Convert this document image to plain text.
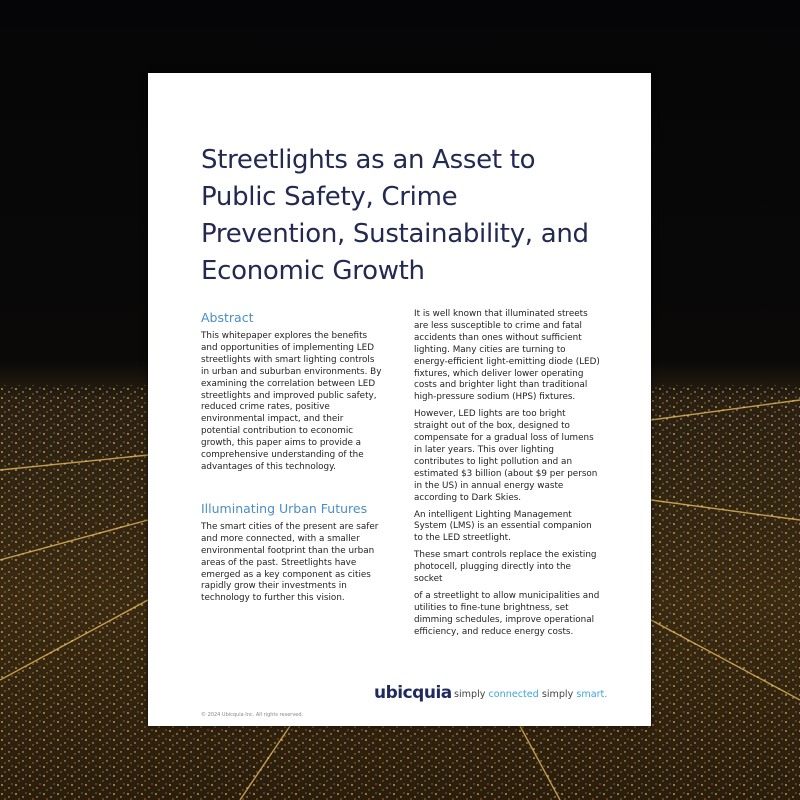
Streetlights as an Asset to Public Safety, Crime Prevention, Sustainability, and Economic Growth
Abstract

This whitepaper explores the benefits and opportunities of implementing LED streetlights with smart lighting controls in urban and suburban environments. By examining the correlation between LED streetlights and improved public safety, reduced crime rates, positive environmental impact, and their potential contribution to economic growth, this paper aims to provide a comprehensive understanding of the advantages of this technology.

Illuminating Urban Futures

The smart cities of the present are safer and more connected, with a smaller environmental footprint than the urban areas of the past. Streetlights have emerged as a key component as cities rapidly grow their investments in technology to further this vision.

It is well known that illuminated streets are less susceptible to crime and fatal accidents than ones without sufficient lighting. Many cities are turning to energy-efficient light-emitting diode (LED) fixtures, which deliver lower operating costs and brighter light than traditional high-pressure sodium (HPS) fixtures.

However, LED lights are too bright straight out of the box, designed to compensate for a gradual loss of lumens in later years. This over lighting contributes to light pollution and an estimated $3 billion (about $9 per person in the US) in annual energy waste according to Dark Skies.

An intelligent Lighting Management System (LMS) is an essential companion to the LED streetlight.

These smart controls replace the existing photocell, plugging directly into the socket

of a streetlight to allow municipalities and utilities to fine-tune brightness, set dimming schedules, improve operational efficiency, and reduce energy costs.

ubicquia simply connected simply smart.
© 2024 Ubicquia Inc. All rights reserved.
